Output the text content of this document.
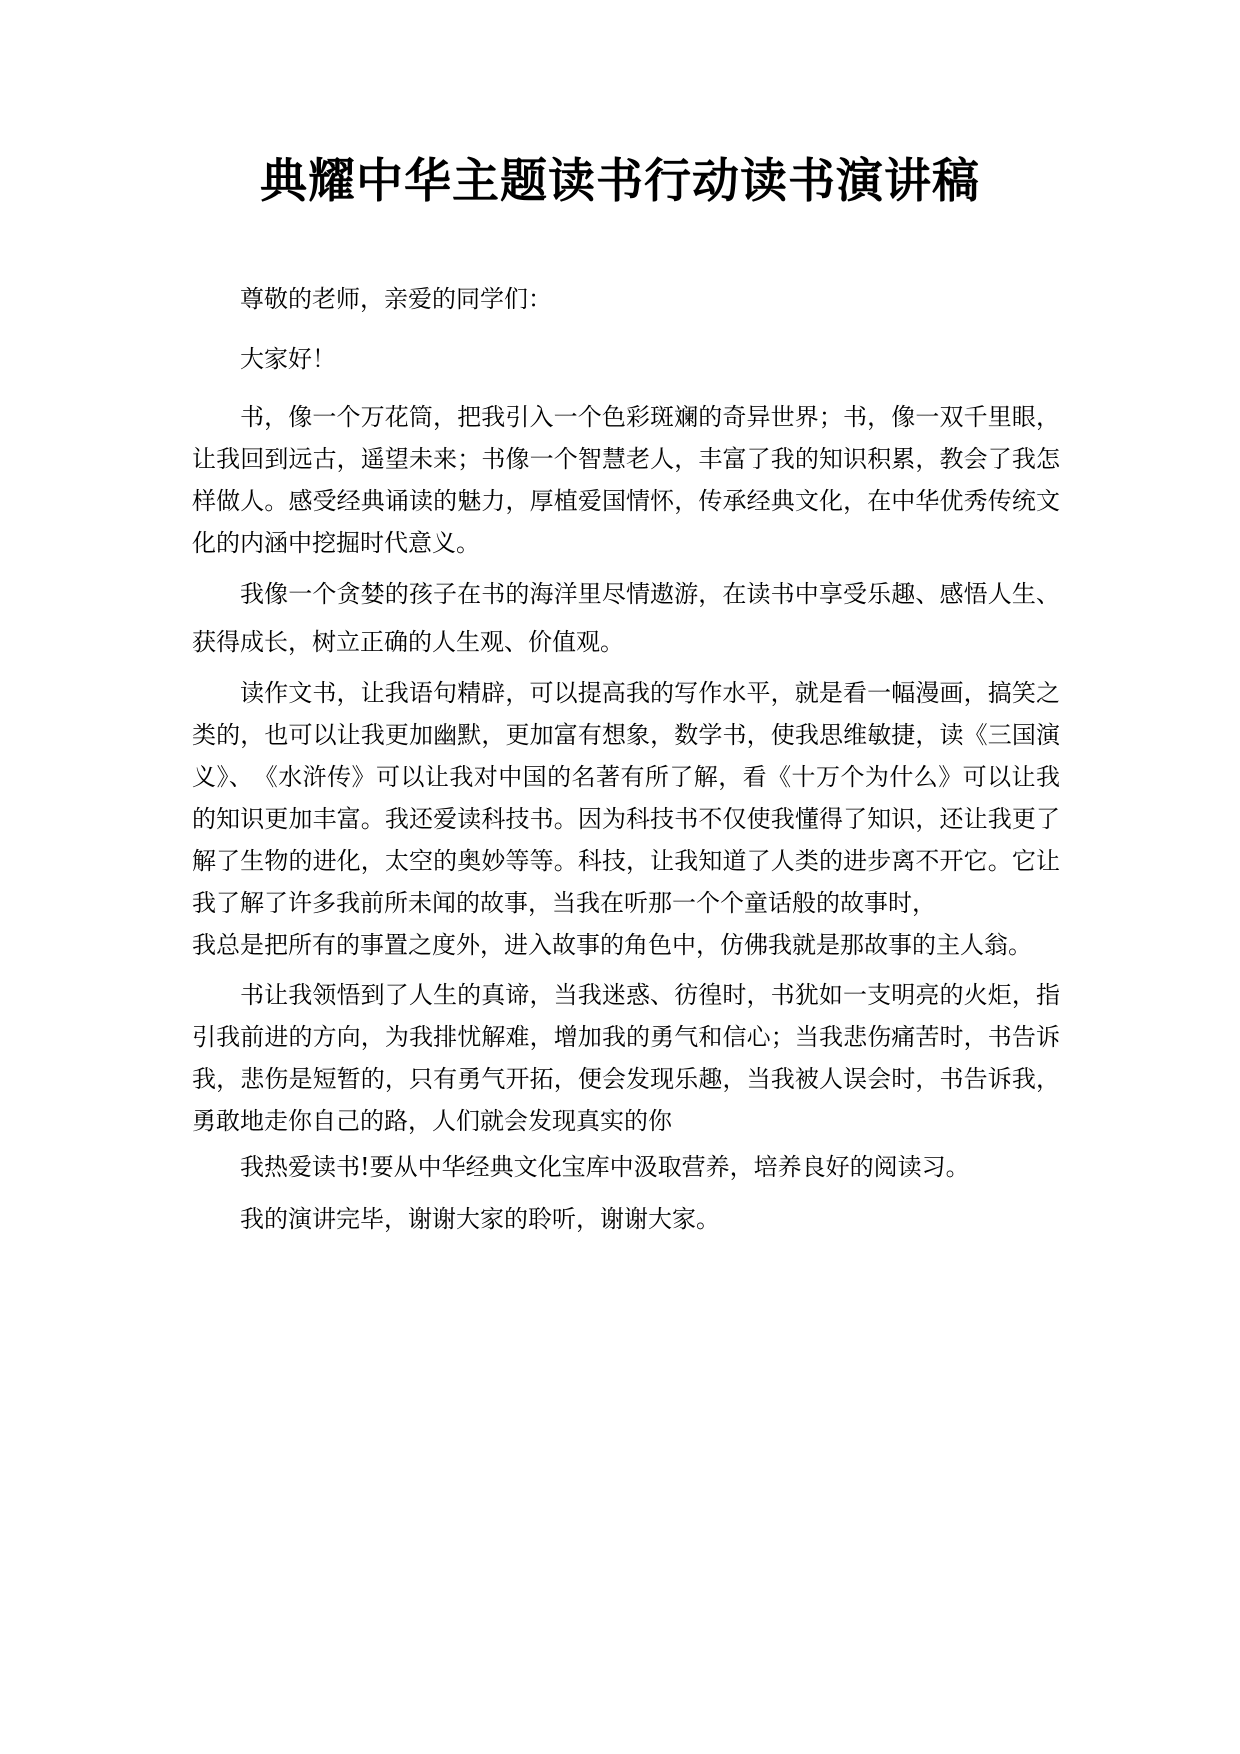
典耀中华主题读书行动读书演讲稿

尊敬的老师，亲爱的同学们：

大家好！

书，像一个万花筒，把我引入一个色彩斑斓的奇异世界；书，像一双千里眼，让我回到远古，遥望未来；书像一个智慧老人，丰富了我的知识积累，教会了我怎样做人。感受经典诵读的魅力，厚植爱国情怀，传承经典文化，在中华优秀传统文化的内涵中挖掘时代意义。

我像一个贪婪的孩子在书的海洋里尽情遨游，在读书中享受乐趣、感悟人生、获得成长，树立正确的人生观、价值观。

读作文书，让我语句精辟，可以提高我的写作水平，就是看一幅漫画，搞笑之类的，也可以让我更加幽默，更加富有想象，数学书，使我思维敏捷，读《三国演义》、　《水浒传》可以让我对中国的名著有所了解，看《十万个为什么》可以让我的知识更加丰富。我还爱读科技书。因为科技书不仅使我懂得了知识，还让我更了解了生物的进化，太空的奥妙等等。科技，让我知道了人类的进步离不开它。它让我了解了许多我前所未闻的故事，当我在听那一个个童话般的故事时，

我总是把所有的事置之度外，进入故事的角色中，仿佛我就是那故事的主人翁。

书让我领悟到了人生的真谛，当我迷惑、彷徨时，书犹如一支明亮的火炬，指引我前进的方向，为我排忧解难，增加我的勇气和信心；当我悲伤痛苦时，书告诉我，悲伤是短暂的，只有勇气开拓，便会发现乐趣，当我被人误会时，书告诉我，勇敢地走你自己的路，人们就会发现真实的你

我热爱读书!要从中华经典文化宝库中汲取营养，培养良好的阅读习。

我的演讲完毕，谢谢大家的聆听，谢谢大家。
